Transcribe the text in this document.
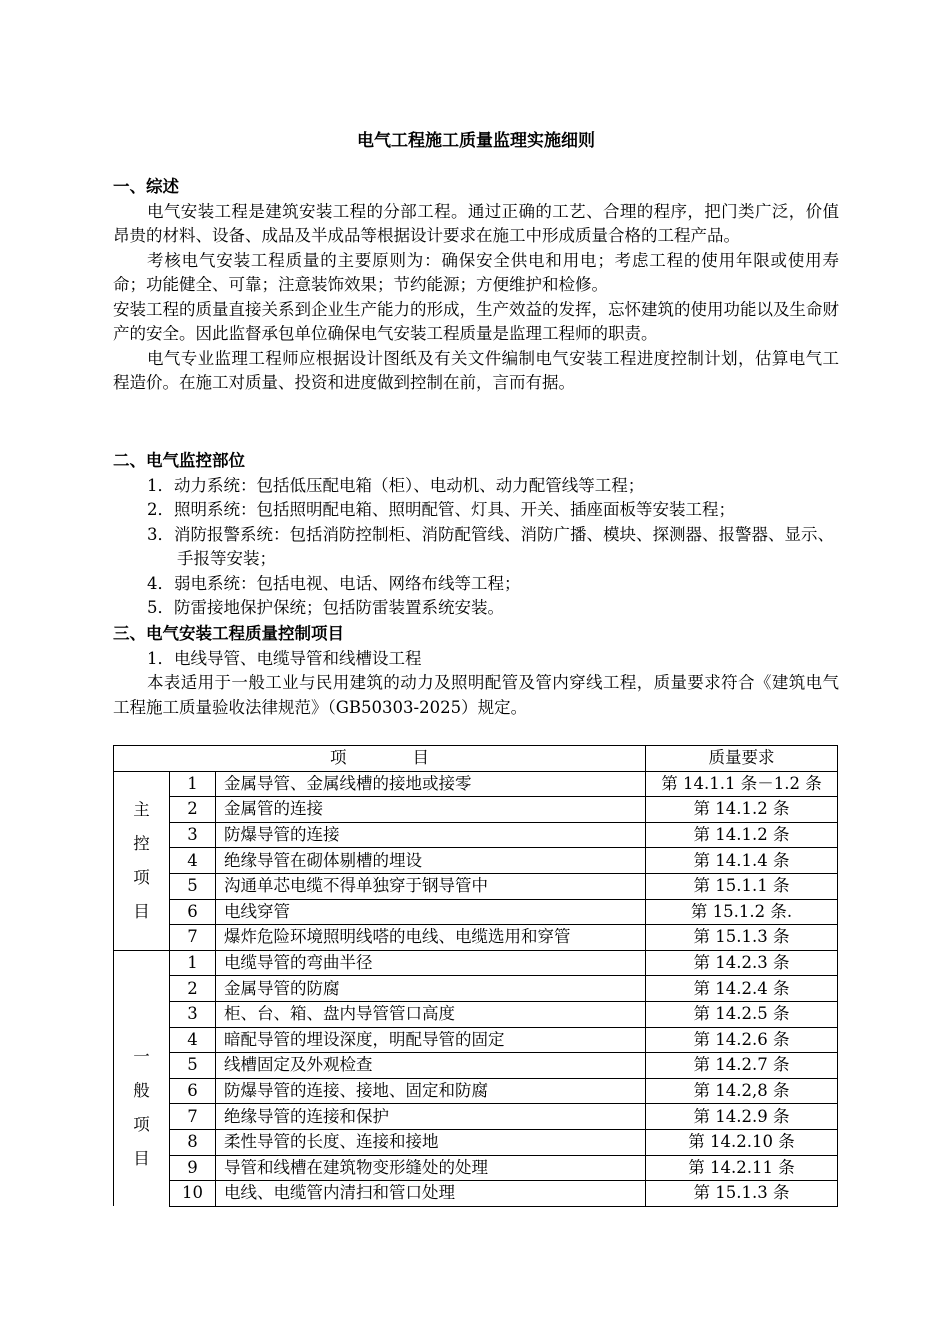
电气工程施工质量监理实施细则
一、综述
电气安装工程是建筑安装工程的分部工程。通过正确的工艺、合理的程序，把门类广泛，价值昂贵的材料、设备、成品及半成品等根据设计要求在施工中形成质量合格的工程产品。
考核电气安装工程质量的主要原则为：确保安全供电和用电；考虑工程的使用年限或使用寿命；功能健全、可靠；注意装饰效果；节约能源；方便维护和检修。
安装工程的质量直接关系到企业生产能力的形成，生产效益的发挥，忘怀建筑的使用功能以及生命财产的安全。因此监督承包单位确保电气安装工程质量是监理工程师的职责。
电气专业监理工程师应根据设计图纸及有关文件编制电气安装工程进度控制计划，估算电气工程造价。在施工对质量、投资和进度做到控制在前，言而有据。
二、电气监控部位
1．动力系统：包括低压配电箱（柜）、电动机、动力配管线等工程；
2．照明系统：包括照明配电箱、照明配管、灯具、开关、插座面板等安装工程；
3．消防报警系统：包括消防控制柜、消防配管线、消防广播、模块、探测器、报警器、显示、手报等安装；
4．弱电系统：包括电视、电话、网络布线等工程；
5．防雷接地保护保统；包括防雷装置系统安装。
三、电气安装工程质量控制项目
1．电线导管、电缆导管和线槽设工程
本表适用于一般工业与民用建筑的动力及照明配管及管内穿线工程，质量要求符合《建筑电气工程施工质量验收法律规范》（GB50303-2025）规定。
项　　　　目			质量要求

主
控
项
目	1	金属导管、金属线槽的接地或接零	第 14.1.1 条－1.2 条
	2	金属管的连接	第 14.1.2 条
	3	防爆导管的连接	第 14.1.2 条
	4	绝缘导管在砌体剔槽的埋设	第 14.1.4 条
	5	沟通单芯电缆不得单独穿于钢导管中	第 15.1.1 条
	6	电线穿管	第 15.1.2 条.
	7	爆炸危险环境照明线嗒的电线、电缆选用和穿管	第 15.1.3 条

一
般
项
目	1	电缆导管的弯曲半径	第 14.2.3 条
	2	金属导管的防腐	第 14.2.4 条
	3	柜、台、箱、盘内导管管口高度	第 14.2.5 条
	4	暗配导管的埋设深度，明配导管的固定	第 14.2.6 条
	5	线槽固定及外观检查	第 14.2.7 条
	6	防爆导管的连接、接地、固定和防腐	第 14.2,8 条
	7	绝缘导管的连接和保护	第 14.2.9 条
	8	柔性导管的长度、连接和接地	第 14.2.10 条
	9	导管和线槽在建筑物变形缝处的处理	第 14.2.11 条
	10	电线、电缆管内清扫和管口处理	第 15.1.3 条
